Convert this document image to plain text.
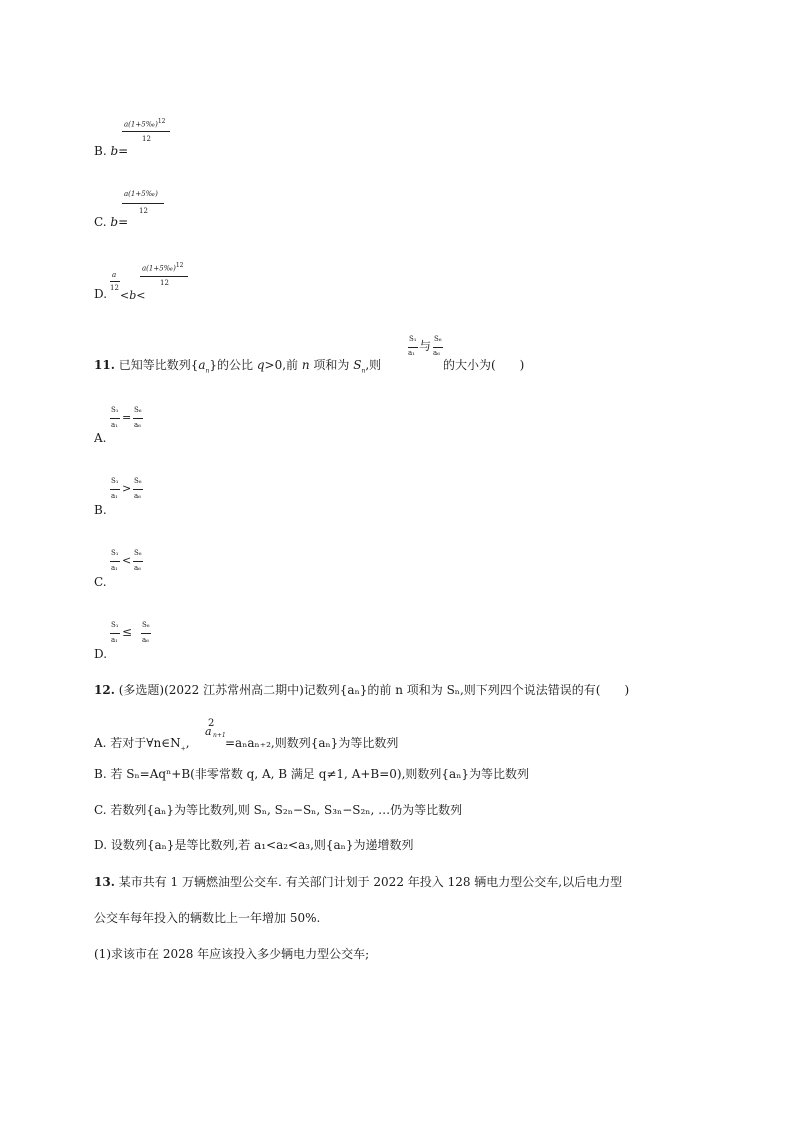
a(1+5‰)$^{12}$
12
B. b=
a(1+5‰)
12
C. b=
a
12
D. <b<
a(1+5‰)$^{12}$
12
S₁
a₁ 与 S₆
a₆
11. 已知等比数列$\{a_n\}$的公比 q>0,前 n 项和为 $S_n$,则	的大小为(　　)
S₁
a₁
=
S₆
a₆
A.
S₁
a₁
>
S₆
a₆
B.
S₁
a₁
<
S₆
a₆
C.
S₁
a₁
≤ S₆
a₆
D.
12. (多选题)(2022 江苏常州高二期中)记数列{aₙ}的前 n 项和为 Sₙ,则下列四个说法错误的有(　　)
A. 若对于$\forall n\in N_+$,
a
2
n+1
=aₙaₙ₊₂,则数列{aₙ}为等比数列
B. 若 Sₙ=Aqⁿ+B(非零常数 q, A, B 满足 q≠1, A+B=0),则数列{aₙ}为等比数列
C. 若数列{aₙ}为等比数列,则 Sₙ, S₂ₙ−Sₙ, S₃ₙ−S₂ₙ, …仍为等比数列
D. 设数列{aₙ}是等比数列,若 a₁<a₂<a₃,则{aₙ}为递增数列
13. 某市共有 1 万辆燃油型公交车. 有关部门计划于 2022 年投入 128 辆电力型公交车,以后电力型
公交车每年投入的辆数比上一年增加 50%.
(1)求该市在 2028 年应该投入多少辆电力型公交车;
